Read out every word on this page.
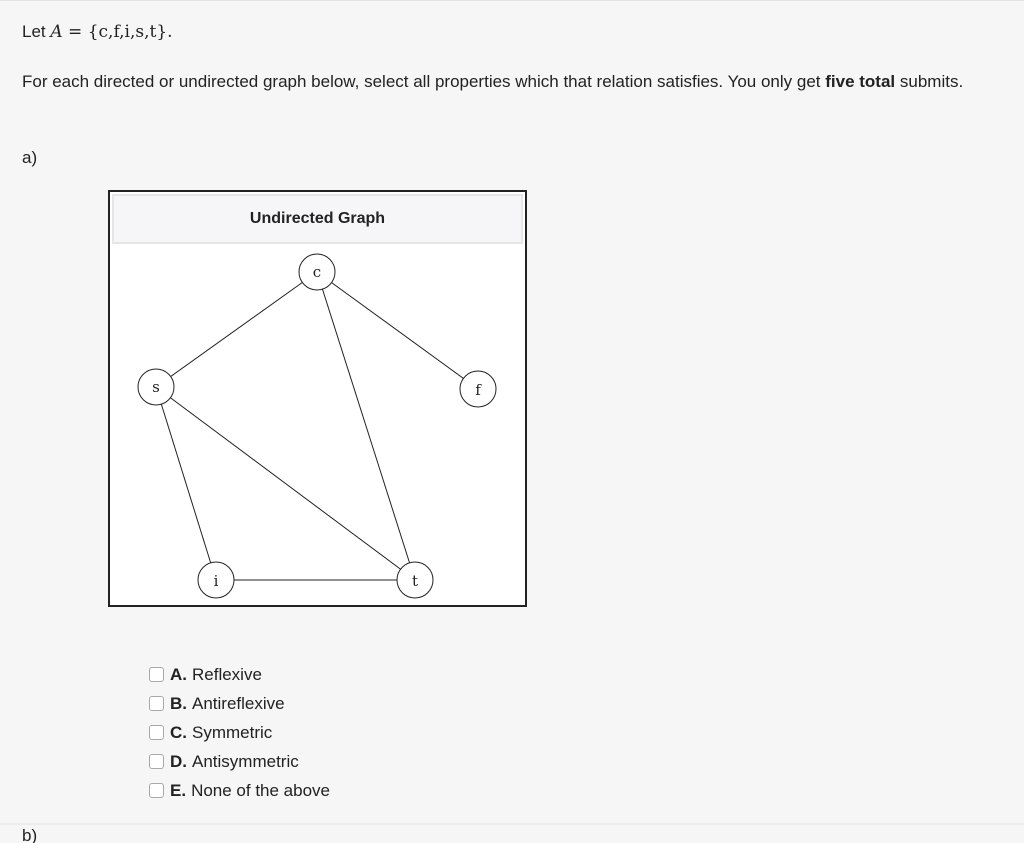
Let A = {c,f,i,s,t}.
For each directed or undirected graph below, select all properties which that relation satisfies. You only get five total submits.
a)
Undirected Graph
c
s	f
i	t
A. Reflexive
B. Antireflexive
C. Symmetric
D. Antisymmetric
E. None of the above
b)
